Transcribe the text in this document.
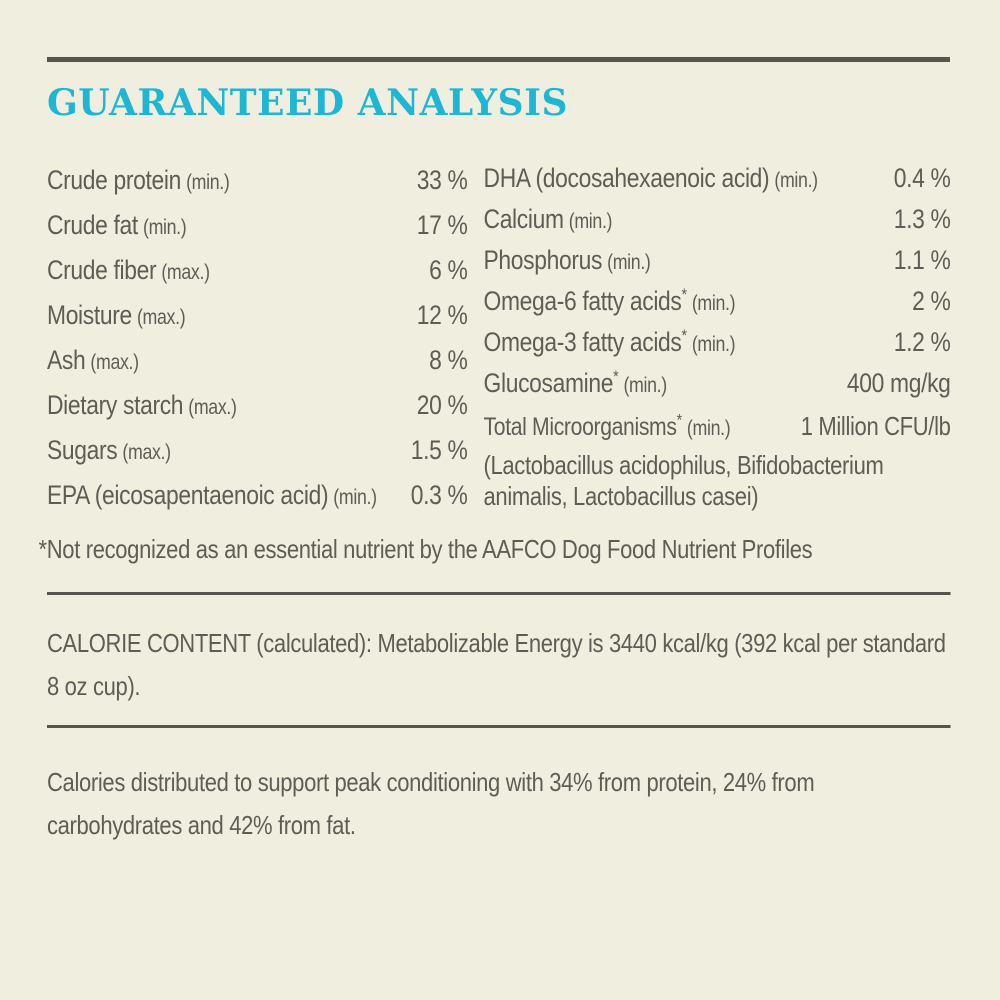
GUARANTEED ANALYSIS
Crude protein (min.)	33 %
Crude fat (min.)	17 %
Crude fiber (max.)	6 %
Moisture (max.)	12 %
Ash (max.)	8 %
Dietary starch (max.)	20 %
Sugars (max.)	1.5 %
EPA (eicosapentaenoic acid) (min.) 0.3 %
DHA (docosahexaenoic acid) (min.)	0.4 %
Calcium (min.)	1.3 %
Phosphorus (min.)	1.1 %
Omega-6 fatty acids* (min.)	2 %
Omega-3 fatty acids* (min.)	1.2 %
Glucosamine* (min.)	400 mg/kg
Total Microorganisms* (min.)	1 Million CFU/lb
(Lactobacillus acidophilus, Bifidobacterium animalis, Lactobacillus casei)
*Not recognized as an essential nutrient by the AAFCO Dog Food Nutrient Profiles
CALORIE CONTENT (calculated): Metabolizable Energy is 3440 kcal/kg (392 kcal per standard 8 oz cup).
Calories distributed to support peak conditioning with 34% from protein, 24% from carbohydrates and 42% from fat.
